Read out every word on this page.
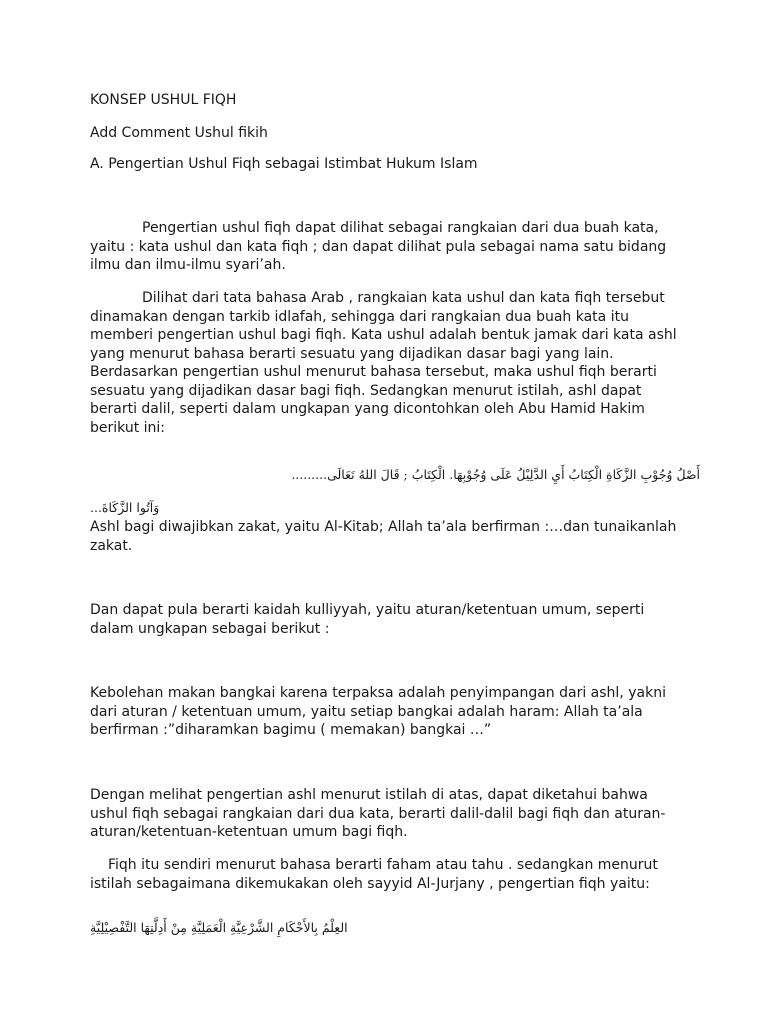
KONSEP USHUL FIQH

Add Comment Ushul fikih

A. Pengertian Ushul Fiqh sebagai Istimbat Hukum Islam

Pengertian ushul fiqh dapat dilihat sebagai rangkaian dari dua buah kata, yaitu : kata ushul dan kata fiqh ; dan dapat dilihat pula sebagai nama satu bidang ilmu dan ilmu-ilmu syari’ah.

Dilihat dari tata bahasa Arab , rangkaian kata ushul dan kata fiqh tersebut dinamakan dengan tarkib idlafah, sehingga dari rangkaian dua buah kata itu memberi pengertian ushul bagi fiqh. Kata ushul adalah bentuk jamak dari kata ashl yang menurut bahasa berarti sesuatu yang dijadikan dasar bagi yang lain. Berdasarkan pengertian ushul menurut bahasa tersebut, maka ushul fiqh berarti sesuatu yang dijadikan dasar bagi fiqh. Sedangkan menurut istilah, ashl dapat berarti dalil, seperti dalam ungkapan yang dicontohkan oleh Abu Hamid Hakim berikut ini:

أَصْلُ وُجُوْبِ الزَّكَاةِ الْكِتَابُ أَيِ الدَّلِيْلُ عَلَى وُجُوْبِهَا. الْكِتَابُ ; قَالَ اللهُ تَعَالَى.........

...وَآتُوا الزَّكَاةَ

Ashl bagi diwajibkan zakat, yaitu Al-Kitab; Allah ta’ala berfirman :…dan tunaikanlah zakat.

Dan dapat pula berarti kaidah kulliyyah, yaitu aturan/ketentuan umum, seperti dalam ungkapan sebagai berikut :

Kebolehan makan bangkai karena terpaksa adalah penyimpangan dari ashl, yakni dari aturan / ketentuan umum, yaitu setiap bangkai adalah haram: Allah ta’ala berfirman :”diharamkan bagimu ( memakan) bangkai …”

Dengan melihat pengertian ashl menurut istilah di atas, dapat diketahui bahwa ushul fiqh sebagai rangkaian dari dua kata, berarti dalil-dalil bagi fiqh dan aturan-aturan/ketentuan-ketentuan umum bagi fiqh.

Fiqh itu sendiri menurut bahasa berarti faham atau tahu . sedangkan menurut istilah sebagaimana dikemukakan oleh sayyid Al-Jurjany , pengertian fiqh yaitu:

العِلْمُ بِالأَحْكَامِ الشَّرْعِيَّةِ الْعَمَلِيَّةِ مِنْ أَدِلَّتِهَا التَّفْصِيْلِيَّةِ
